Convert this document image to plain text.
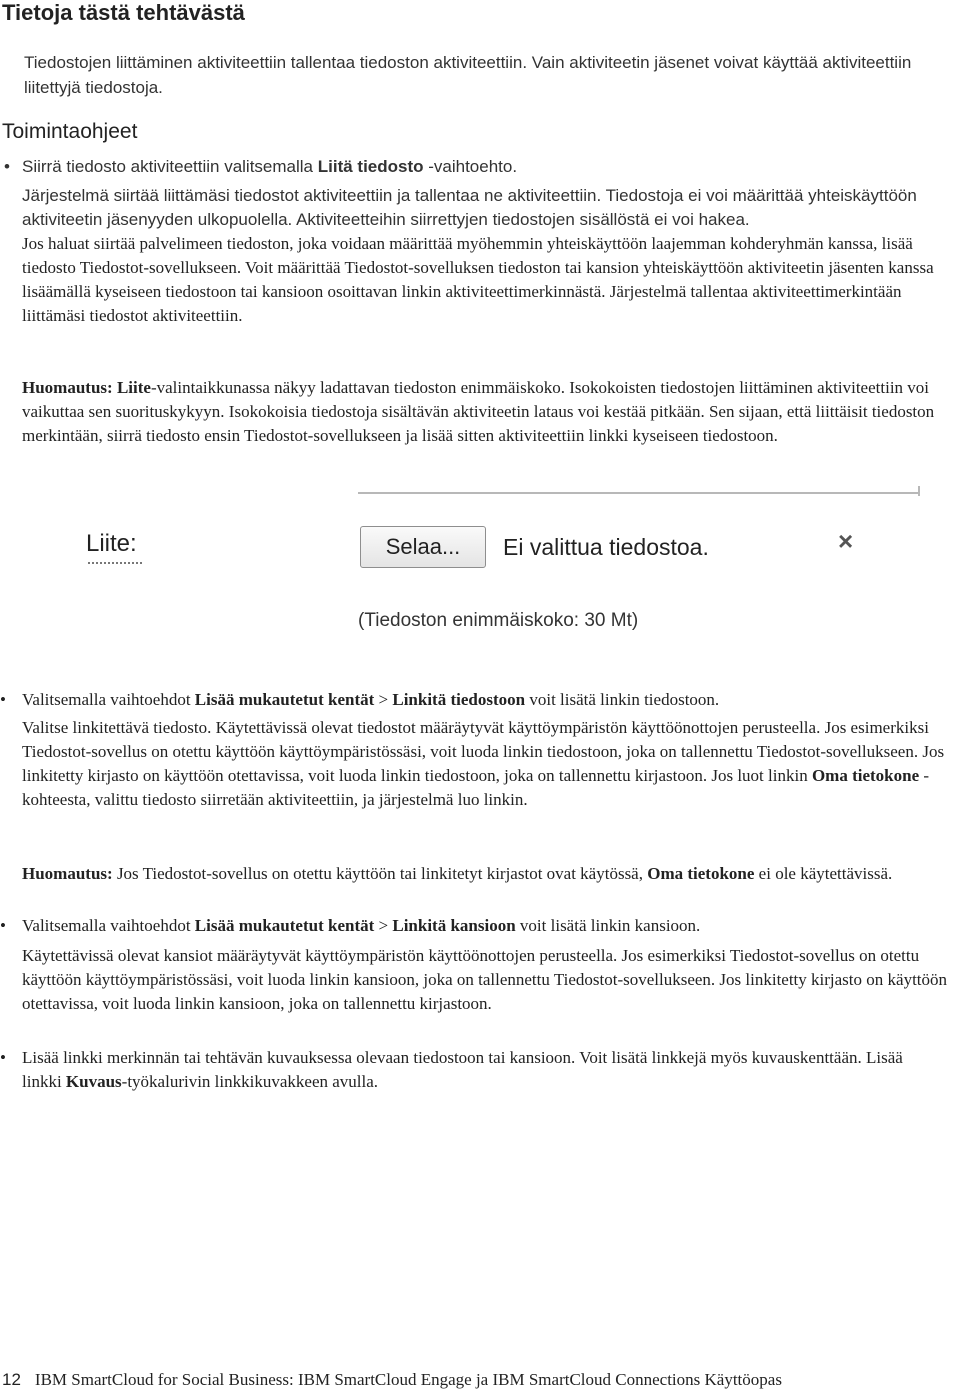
Tietoja tästä tehtävästä
Tiedostojen liittäminen aktiviteettiin tallentaa tiedoston aktiviteettiin. Vain aktiviteetin jäsenet voivat käyttää aktiviteettiin liitettyjä tiedostoja.
Toimintaohjeet
• Siirrä tiedosto aktiviteettiin valitsemalla Liitä tiedosto -vaihtoehto.
Järjestelmä siirtää liittämäsi tiedostot aktiviteettiin ja tallentaa ne aktiviteettiin. Tiedostoja ei voi määrittää yhteiskäyttöön aktiviteetin jäsenyyden ulkopuolella. Aktiviteetteihin siirrettyjen tiedostojen sisällöstä ei voi hakea.
Jos haluat siirtää palvelimeen tiedoston, joka voidaan määrittää myöhemmin yhteiskäyttöön laajemman kohderyhmän kanssa, lisää tiedosto Tiedostot-sovellukseen. Voit määrittää Tiedostot-sovelluksen tiedoston tai kansion yhteiskäyttöön aktiviteetin jäsenten kanssa lisäämällä kyseiseen tiedostoon tai kansioon osoittavan linkin aktiviteettimerkinnästä. Järjestelmä tallentaa aktiviteettimerkintään liittämäsi tiedostot aktiviteettiin.
Huomautus: Liite-valintaikkunassa näkyy ladattavan tiedoston enimmäiskoko. Isokokoisten tiedostojen liittäminen aktiviteettiin voi vaikuttaa sen suorituskykyyn. Isokokoisia tiedostoja sisältävän aktiviteetin lataus voi kestää pitkään. Sen sijaan, että liittäisit tiedoston merkintään, siirrä tiedosto ensin Tiedostot-sovellukseen ja lisää sitten aktiviteettiin linkki kyseiseen tiedostoon.
Liite:	Selaa...	Ei valittua tiedostoa.	×
(Tiedoston enimmäiskoko: 30 Mt)
• Valitsemalla vaihtoehdot Lisää mukautetut kentät > Linkitä tiedostoon voit lisätä linkin tiedostoon.
Valitse linkitettävä tiedosto. Käytettävissä olevat tiedostot määräytyvät käyttöympäristön käyttöönottojen perusteella. Jos esimerkiksi Tiedostot-sovellus on otettu käyttöön käyttöympäristössäsi, voit luoda linkin tiedostoon, joka on tallennettu Tiedostot-sovellukseen. Jos linkitetty kirjasto on käyttöön otettavissa, voit luoda linkin tiedostoon, joka on tallennettu kirjastoon. Jos luot linkin Oma tietokone -kohteesta, valittu tiedosto siirretään aktiviteettiin, ja järjestelmä luo linkin.
Huomautus: Jos Tiedostot-sovellus on otettu käyttöön tai linkitetyt kirjastot ovat käytössä, Oma tietokone ei ole käytettävissä.
• Valitsemalla vaihtoehdot Lisää mukautetut kentät > Linkitä kansioon voit lisätä linkin kansioon.
Käytettävissä olevat kansiot määräytyvät käyttöympäristön käyttöönottojen perusteella. Jos esimerkiksi Tiedostot-sovellus on otettu käyttöön käyttöympäristössäsi, voit luoda linkin kansioon, joka on tallennettu Tiedostot-sovellukseen. Jos linkitetty kirjasto on käyttöön otettavissa, voit luoda linkin kansioon, joka on tallennettu kirjastoon.
• Lisää linkki merkinnän tai tehtävän kuvauksessa olevaan tiedostoon tai kansioon. Voit lisätä linkkejä myös kuvauskenttään. Lisää linkki Kuvaus-työkalurivin linkkikuvakkeen avulla.
12 IBM SmartCloud for Social Business: IBM SmartCloud Engage ja IBM SmartCloud Connections Käyttöopas
